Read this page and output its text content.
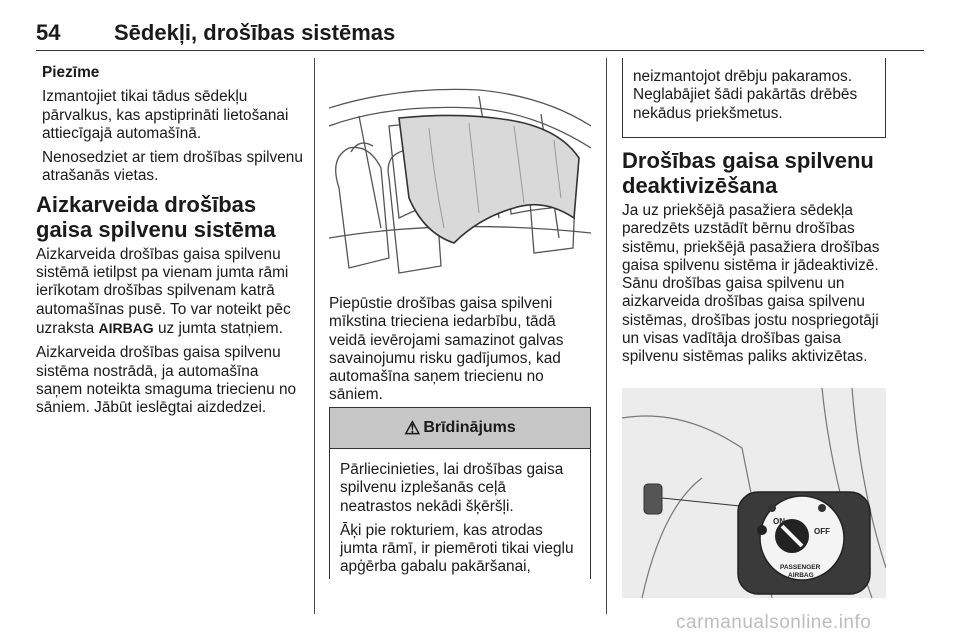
54 Sēdekļi, drošības sistēmas

Piezīme

Izmantojiet tikai tādus sēdekļu pārvalkus, kas apstiprināti lietošanai attiecīgajā automašīnā.

Nenosedziet ar tiem drošības spilvenu atrašanās vietas.

Aizkarveida drošības gaisa spilvenu sistēma

Aizkarveida drošības gaisa spilvenu sistēmā ietilpst pa vienam jumta rāmi ierīkotam drošības spilvenam katrā automašīnas pusē. To var noteikt pēc uzraksta AIRBAG uz jumta statņiem.

Aizkarveida drošības gaisa spilvenu sistēma nostrādā, ja automašīna saņem noteikta smaguma triecienu no sāniem. Jābūt ieslēgtai aizdedzei.

Piepūstie drošības gaisa spilveni mīkstina trieciena iedarbību, tādā veidā ievērojami samazinot galvas savainojumu risku gadījumos, kad automašīna saņem triecienu no sāniem.

⚠ Brīdinājums

Pārliecinieties, lai drošības gaisa spilvenu izplešanās ceļā neatrastos nekādi šķēršļi.

Āķi pie rokturiem, kas atrodas jumta rāmī, ir piemēroti tikai vieglu apģērba gabalu pakāršanai,

neizmantojot drēbju pakaramos. Neglabājiet šādi pakārtās drēbēs nekādus priekšmetus.

Drošības gaisa spilvenu deaktivizēšana

Ja uz priekšējā pasažiera sēdekļa paredzēts uzstādīt bērnu drošības sistēmu, priekšējā pasažiera drošības gaisa spilvenu sistēma ir jādeaktivizē. Sānu drošības gaisa spilvenu un aizkarveida drošības gaisa spilvenu sistēmas, drošības jostu nospriegotāji un visas vadītāja drošības gaisa spilvenu sistēmas paliks aktivizētas.

ON
OFF
PASSENGER
AIRBAG
carmanualsonline.info
